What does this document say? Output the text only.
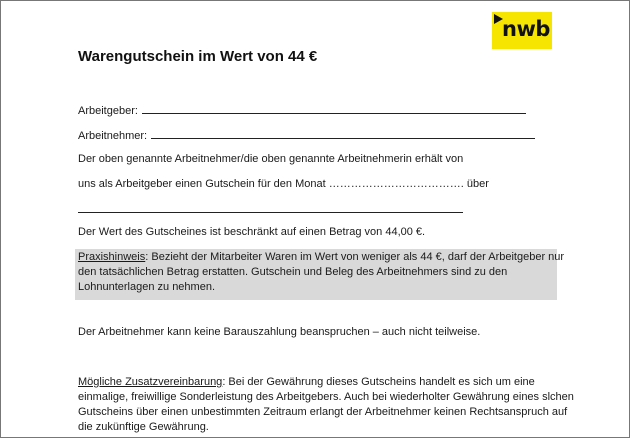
nwb
Warengutschein im Wert von 44 €
Arbeitgeber:
Arbeitnehmer:
Der oben genannte Arbeitnehmer/die oben genannte Arbeitnehmerin erhält von
uns als Arbeitgeber einen Gutschein für den Monat ………………………………. über
Der Wert des Gutscheines ist beschränkt auf einen Betrag von 44,00 €.
Praxishinweis: Bezieht der Mitarbeiter Waren im Wert von weniger als 44 €, darf der Arbeitgeber nur
den tatsächlichen Betrag erstatten. Gutschein und Beleg des Arbeitnehmers sind zu den
Lohnunterlagen zu nehmen.
Der Arbeitnehmer kann keine Barauszahlung beanspruchen – auch nicht teilweise.
Mögliche Zusatzvereinbarung: Bei der Gewährung dieses Gutscheins handelt es sich um eine
einmalige, freiwillige Sonderleistung des Arbeitgebers. Auch bei wiederholter Gewährung eines slchen
Gutscheins über einen unbestimmten Zeitraum erlangt der Arbeitnehmer keinen Rechtsanspruch auf
die zukünftige Gewährung.
